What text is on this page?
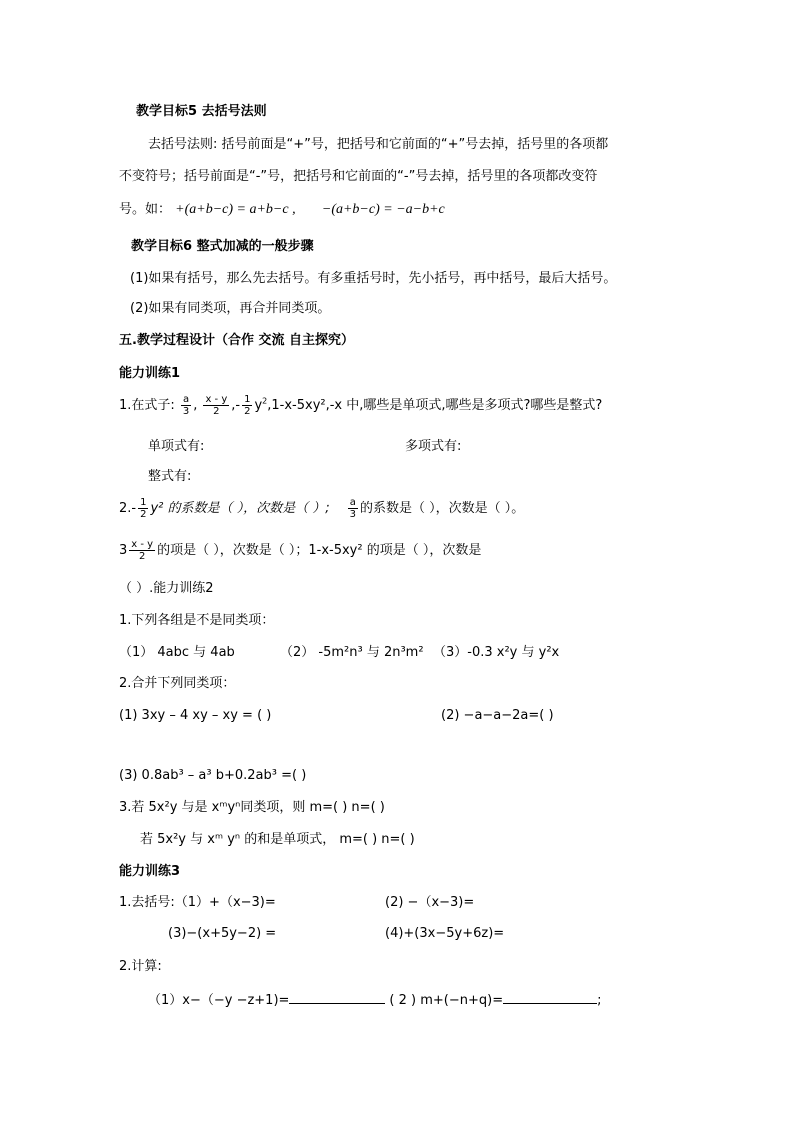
教学目标5 去括号法则
去括号法则: 括号前面是“+”号，把括号和它前面的“+”号去掉，括号里的各项都
不变符号；括号前面是“-”号，把括号和它前面的“-”号去掉，括号里的各项都改变符
号。如： +(a+b−c) = a+b−c , −(a+b−c) = −a−b+c
教学目标6 整式加减的一般步骤
(1)如果有括号，那么先去括号。有多重括号时，先小括号，再中括号，最后大括号。
(2)如果有同类项，再合并同类项。
五.教学过程设计（合作 交流 自主探究）
能力训练1
1.在式子: $\frac{a}{3}$ , $\frac{x - y}{2}$ ,- $\frac{1}{2} y^2,1-x-5xy^2,-x$ 中,哪些是单项式,哪些是多项式?哪些是整式?
单项式有:	多项式有:
整式有:
$2.- \frac{1}{2} y^2$ 的系数是（ ），次数是（ ）; $\frac{a}{3}$ 的系数是（ ），次数是（ ）。
$3 \frac{x - y}{2}$ 的项是（ ），次数是（ ）；1-x-5xy² 的项是（ ），次数是
（ ）.能力训练2
1.下列各组是不是同类项：
（1） 4abc 与 4ab	（2） -5m²n³ 与 2n³m² （3）-0.3 x²y 与 y²x
2.合并下列同类项：
(1) 3xy – 4 xy – xy = ( )	(2) −a−a−2a=( )
(3) 0.8ab³ – a³ b+0.2ab³ =( )
3.若 5x²y 与是 xᵐyⁿ同类项，则 m=( ) n=( )
若 5x²y 与 xᵐ yⁿ 的和是单项式， m=( ) n=( )
能力训练3
1.去括号:（1）+（x−3)=	(2) −（x−3)=
(3)−(x+5y−2) =	(4)+(3x−5y+6z)=
2.计算:
（1）x−（−y −z+1)=	( 2 ) m+(−n+q)=	;
